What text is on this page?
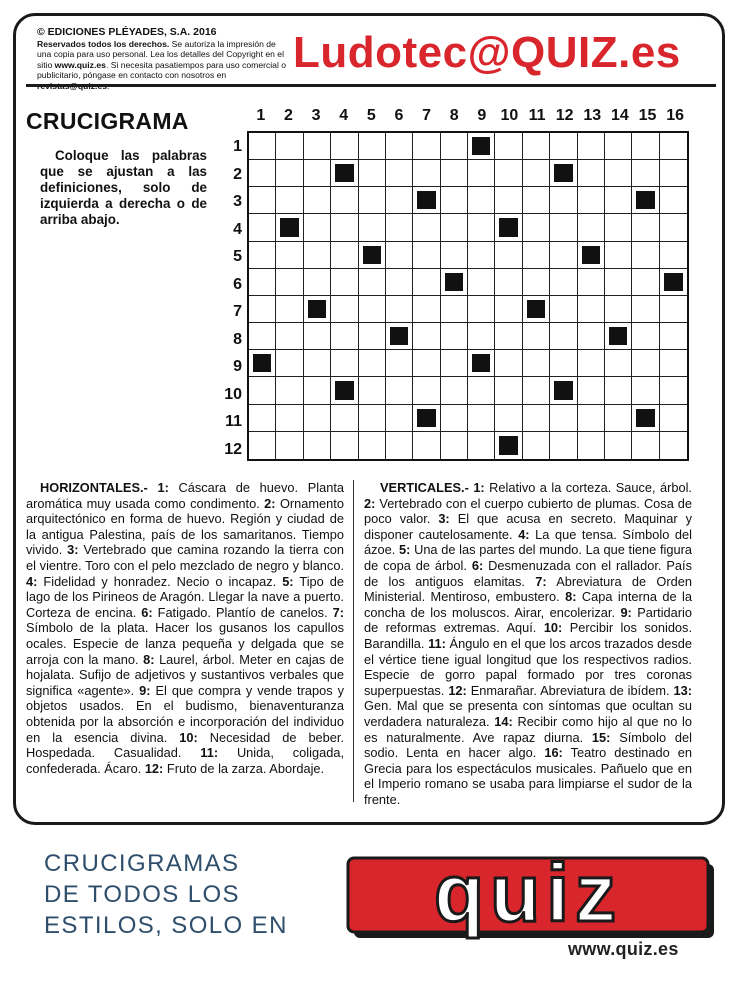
© EDICIONES PLÉYADES, S.A. 2016
Reservados todos los derechos. Se autoriza la impresión de una copia para uso personal. Lea los detalles del Copyright en el sitio www.quiz.es. Si necesita pasatiempos para uso comercial o publicitario, póngase en contacto con nosotros en	Ludotec@QUIZ.es
CRUCIGRAMA
Coloque las palabras que se ajustan a las definiciones, solo de izquierda a derecha o de arriba abajo.
1	2	3	4	5	6	7	8	9 10 11 12 13 14 15 16
1
2
3
4
5
6
7
8
9
10
11
12
HORIZONTALES.- 1: Cáscara de huevo. Planta aromática muy usada como condimento. 2: Ornamento arquitectónico en forma de huevo. Región y ciudad de la antigua Palestina, país de los samaritanos. Tiempo vivido. 3: Vertebrado que camina rozando la tierra con el vientre. Toro con el pelo mezclado de negro y blanco. 4: Fidelidad y honradez. Necio o incapaz. 5: Tipo de lago de los Pirineos de Aragón. Llegar la nave a puerto. Corteza de encina. 6: Fatigado. Plantío de canelos. 7: Símbolo de la plata. Hacer los gusanos los capullos ocales. Especie de lanza pequeña y delgada que se arroja con la mano. 8: Laurel, árbol. Meter en cajas de hojalata. Sufijo de adjetivos y sustantivos verbales que significa «agente». 9: El que compra y vende trapos y objetos usados. En el budismo, bienaventuranza obtenida por la absorción e incorporación del individuo en la esencia divina. 10: Necesidad de beber. Hospedada. Casualidad. 11: Unida, coligada, confederada. Ácaro. 12: Fruto de la zarza. Abordaje.
VERTICALES.- 1: Relativo a la corteza. Sauce, árbol. 2: Vertebrado con el cuerpo cubierto de plumas. Cosa de poco valor. 3: El que acusa en secreto. Maquinar y disponer cautelosamente. 4: La que tensa. Símbolo del ázoe. 5: Una de las partes del mundo. La que tiene figura de copa de árbol. 6: Desmenuzada con el rallador. País de los antiguos elamitas. 7: Abreviatura de Orden Ministerial. Mentiroso, embustero. 8: Capa interna de la concha de los moluscos. Airar, encolerizar. 9: Partidario de reformas extremas. Aquí. 10: Percibir los sonidos. Barandilla. 11: Ángulo en el que los arcos trazados desde el vértice tiene igual longitud que los respectivos radios. Especie de gorro papal formado por tres coronas superpuestas. 12: Enmarañar. Abreviatura de ibídem. 13: Gen. Mal que se presenta con síntomas que ocultan su verdadera naturaleza. 14: Recibir como hijo al que no lo es naturalmente. Ave rapaz diurna. 15: Símbolo del sodio. Lenta en hacer algo. 16: Teatro destinado en Grecia para los espectáculos musicales. Pañuelo que en el Imperio romano se usaba para limpiarse el sudor de la frente.
CRUCIGRAMAS
DE TODOS LOS
ESTILOS, SOLO EN	quiz
www.quiz.es
